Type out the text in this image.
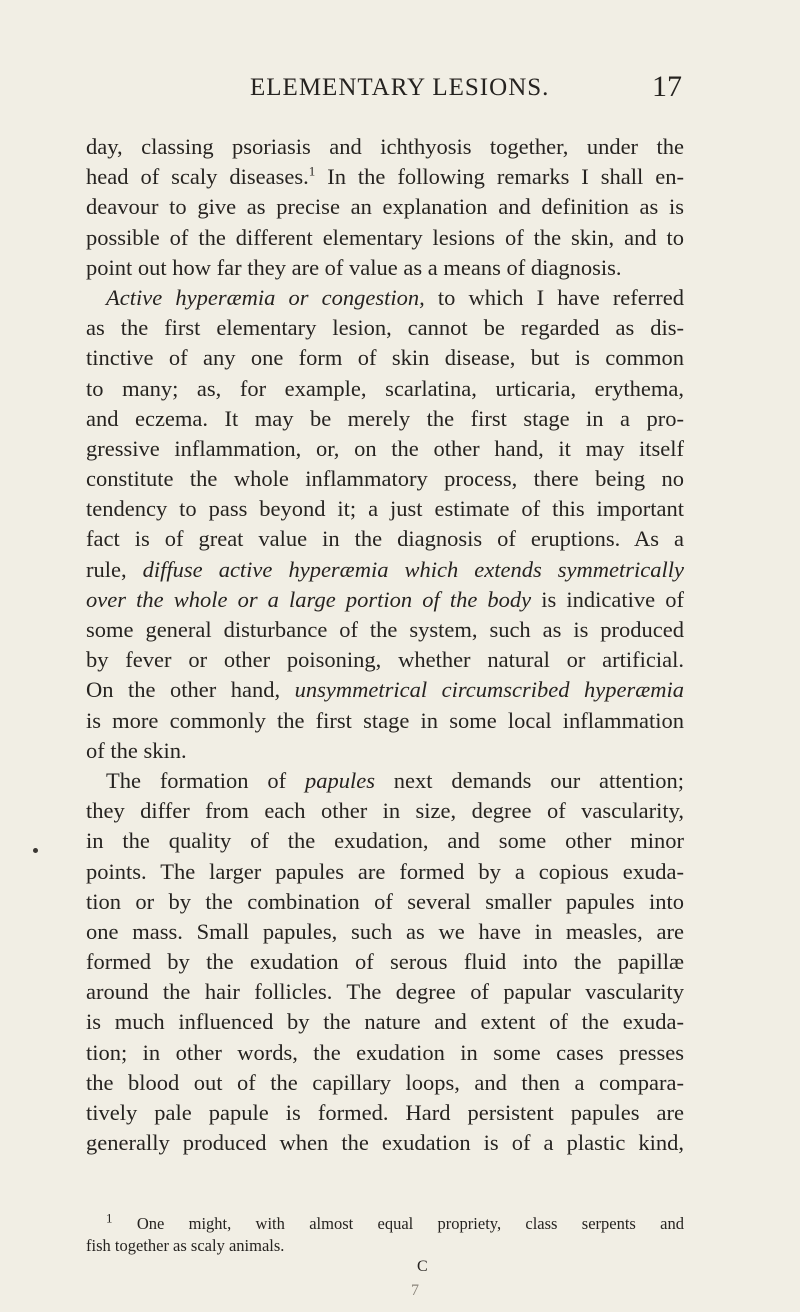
ELEMENTARY LESIONS.	17
day, classing psoriasis and ichthyosis together, under the
head of scaly diseases.$^1$ In the following remarks I shall en-
deavour to give as precise an explanation and definition as is
possible of the different elementary lesions of the skin, and to
point out how far they are of value as a means of diagnosis.
Active hyperæmia or congestion, to which I have referred
as the first elementary lesion, cannot be regarded as dis-
tinctive of any one form of skin disease, but is common
to many; as, for example, scarlatina, urticaria, erythema,
and eczema. It may be merely the first stage in a pro-
gressive inflammation, or, on the other hand, it may itself
constitute the whole inflammatory process, there being no
tendency to pass beyond it; a just estimate of this important
fact is of great value in the diagnosis of eruptions. As a
rule, diffuse active hyperæmia which extends symmetrically
over the whole or a large portion of the body is indicative of
some general disturbance of the system, such as is produced
by fever or other poisoning, whether natural or artificial.
On the other hand, unsymmetrical circumscribed hyperæmia
is more commonly the first stage in some local inflammation
of the skin.
The formation of papules next demands our attention;
they differ from each other in size, degree of vascularity,
in the quality of the exudation, and some other minor
points. The larger papules are formed by a copious exuda-
tion or by the combination of several smaller papules into
one mass. Small papules, such as we have in measles, are
formed by the exudation of serous fluid into the papillæ
around the hair follicles. The degree of papular vascularity
is much influenced by the nature and extent of the exuda-
tion; in other words, the exudation in some cases presses
the blood out of the capillary loops, and then a compara-
tively pale papule is formed. Hard persistent papules are
generally produced when the exudation is of a plastic kind,
$^1$ One might, with almost equal propriety, class serpents and
fish together as scaly animals.
C
7
